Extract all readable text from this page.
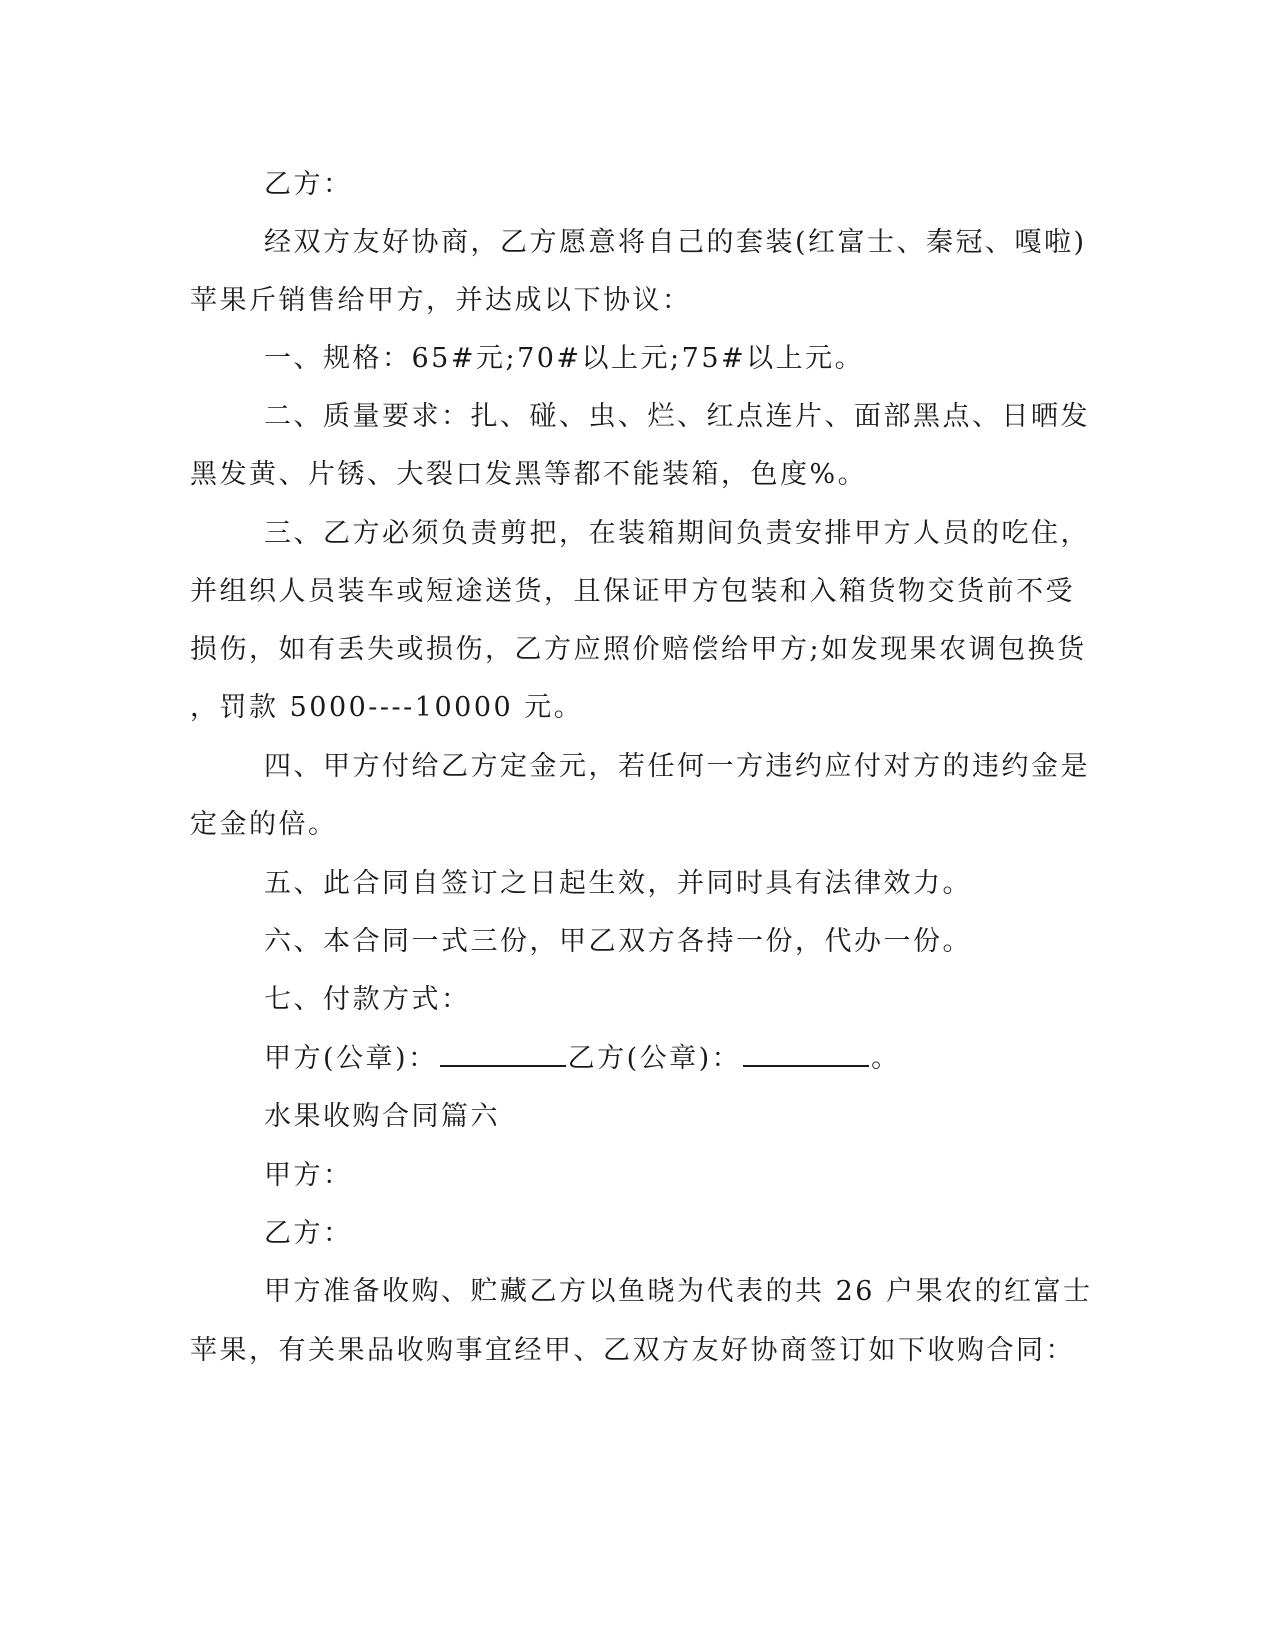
乙方：
经双方友好协商，乙方愿意将自己的套装(红富士、秦冠、嘎啦)
苹果斤销售给甲方，并达成以下协议：
一、规格：65#元;70#以上元;75#以上元。
二、质量要求：扎、碰、虫、烂、红点连片、面部黑点、日晒发
黑发黄、片锈、大裂口发黑等都不能装箱，色度%。
三、乙方必须负责剪把，在装箱期间负责安排甲方人员的吃住，
并组织人员装车或短途送货，且保证甲方包装和入箱货物交货前不受
损伤，如有丢失或损伤，乙方应照价赔偿给甲方;如发现果农调包换货
，罚款 5000----10000 元。
四、甲方付给乙方定金元，若任何一方违约应付对方的违约金是
定金的倍。
五、此合同自签订之日起生效，并同时具有法律效力。
六、本合同一式三份，甲乙双方各持一份，代办一份。
七、付款方式：
甲方(公章)：	乙方(公章)：	。
水果收购合同篇六
甲方：
乙方：
甲方准备收购、贮藏乙方以鱼晓为代表的共 26 户果农的红富士
苹果，有关果品收购事宜经甲、乙双方友好协商签订如下收购合同：
